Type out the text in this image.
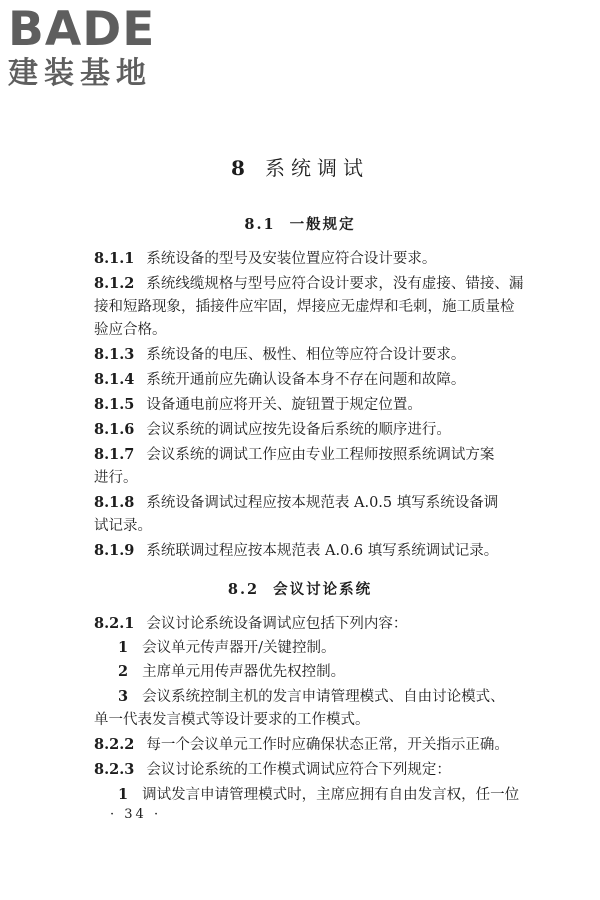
BADE
建装基地
8 系统调试
8.1 一般规定
8.1.1 系统设备的型号及安装位置应符合设计要求。
8.1.2 系统线缆规格与型号应符合设计要求，没有虚接、错接、漏
接和短路现象，插接件应牢固，焊接应无虚焊和毛刺，施工质量检
验应合格。
8.1.3 系统设备的电压、极性、相位等应符合设计要求。
8.1.4 系统开通前应先确认设备本身不存在问题和故障。
8.1.5 设备通电前应将开关、旋钮置于规定位置。
8.1.6 会议系统的调试应按先设备后系统的顺序进行。
8.1.7 会议系统的调试工作应由专业工程师按照系统调试方案
进行。
8.1.8 系统设备调试过程应按本规范表 A.0.5 填写系统设备调
试记录。
8.1.9 系统联调过程应按本规范表 A.0.6 填写系统调试记录。
8.2 会议讨论系统
8.2.1 会议讨论系统设备调试应包括下列内容：
1 会议单元传声器开/关键控制。
2 主席单元用传声器优先权控制。
3 会议系统控制主机的发言申请管理模式、自由讨论模式、
单一代表发言模式等设计要求的工作模式。
8.2.2 每一个会议单元工作时应确保状态正常，开关指示正确。
8.2.3 会议讨论系统的工作模式调试应符合下列规定：
1 调试发言申请管理模式时，主席应拥有自由发言权，任一位
· 34 ·
